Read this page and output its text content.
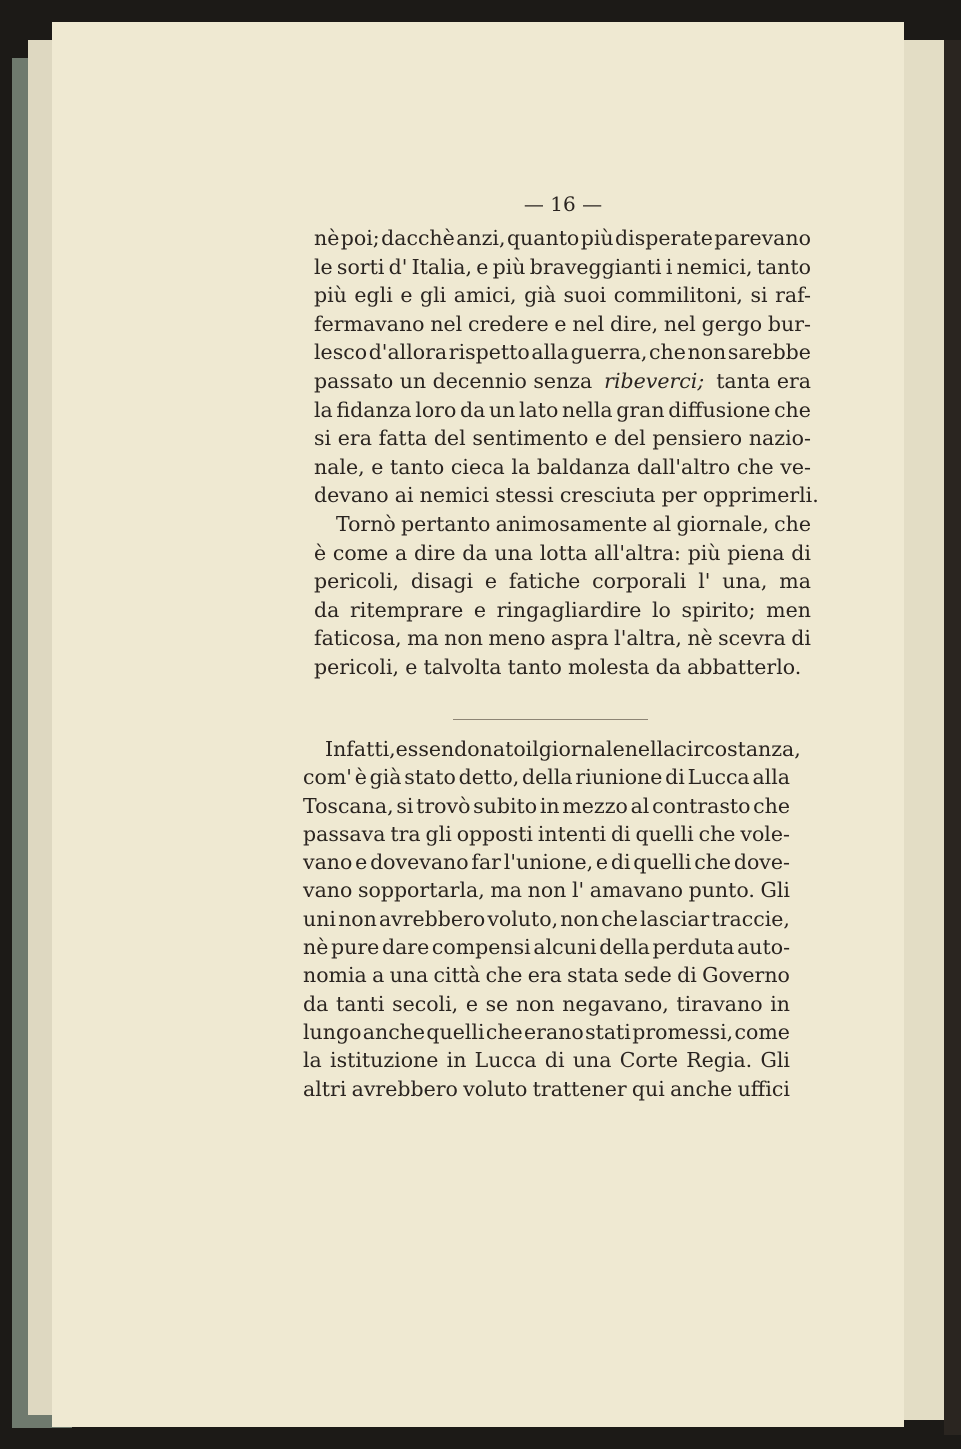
— 16 —
nè poi; dacchè anzi, quanto più disperate parevano
le sorti d' Italia, e più braveggianti i nemici, tanto
più egli e gli amici, già suoi commilitoni, si raf-
fermavano nel credere e nel dire, nel gergo bur-
lesco d'allora rispetto alla guerra, che non sarebbe
passato un decennio senza ribeverci; tanta era
la fidanza loro da un lato nella gran diffusione che
si era fatta del sentimento e del pensiero nazio-
nale, e tanto cieca la baldanza dall'altro che ve-
devano ai nemici stessi cresciuta per opprimerli.
Tornò pertanto animosamente al giornale, che
è come a dire da una lotta all'altra: più piena di
pericoli, disagi e fatiche corporali l' una, ma
da ritemprare e ringagliardire lo spirito; men
faticosa, ma non meno aspra l'altra, nè scevra di
pericoli, e talvolta tanto molesta da abbatterlo.
Infatti, essendo nato il giornale nella circostanza,
com' è già stato detto, della riunione di Lucca alla
Toscana, si trovò subito in mezzo al contrasto che
passava tra gli opposti intenti di quelli che vole-
vano e dovevano far l'unione, e di quelli che dove-
vano sopportarla, ma non l' amavano punto. Gli
uni non avrebbero voluto, non che lasciar traccie,
nè pure dare compensi alcuni della perduta auto-
nomia a una città che era stata sede di Governo
da tanti secoli, e se non negavano, tiravano in
lungo anche quelli che erano stati promessi, come
la istituzione in Lucca di una Corte Regia. Gli
altri avrebbero voluto trattener qui anche uffici
